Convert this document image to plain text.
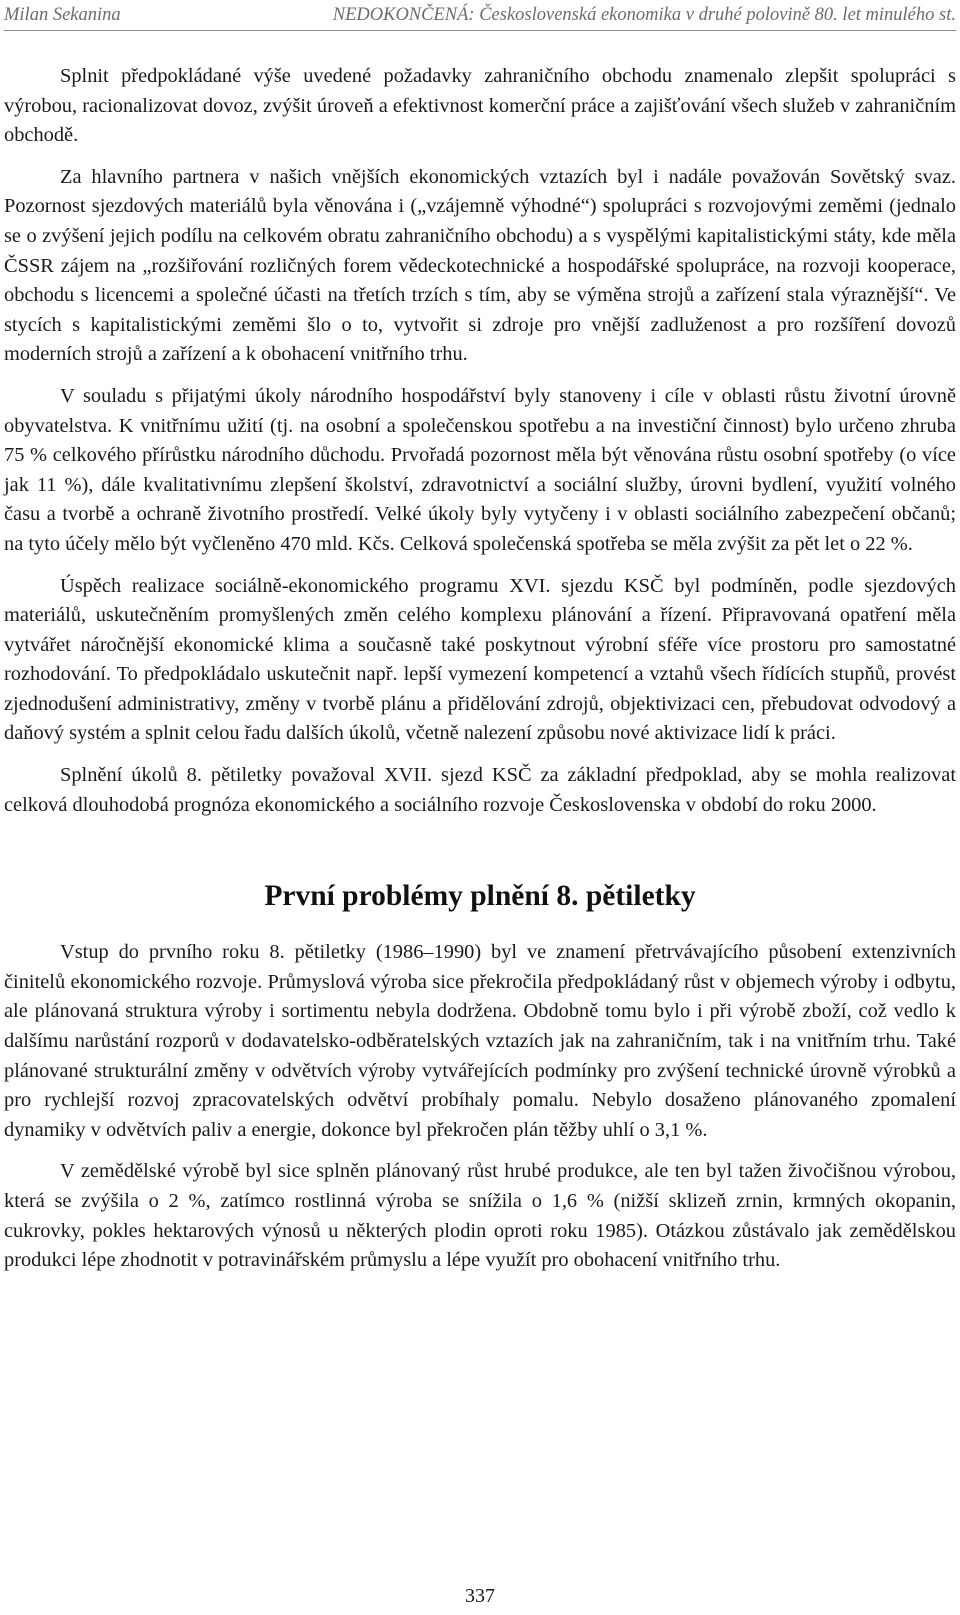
Milan Sekanina	NEDOKONČENÁ: Československá ekonomika v druhé polovině 80. let minulého st.

Splnit předpokládané výše uvedené požadavky zahraničního obchodu znamenalo zlepšit spolupráci s výrobou, racionalizovat dovoz, zvýšit úroveň a efektivnost komerční práce a zajišťování všech služeb v zahraničním obchodě.

Za hlavního partnera v našich vnějších ekonomických vztazích byl i nadále považován Sovětský svaz. Pozornost sjezdových materiálů byla věnována i („vzájemně výhodné“) spolupráci s rozvojovými zeměmi (jednalo se o zvýšení jejich podílu na celkovém obratu zahraničního obchodu) a s vyspělými kapitalistickými státy, kde měla ČSSR zájem na „rozšiřování rozličných forem vědeckotechnické a hospodářské spolupráce, na rozvoji kooperace, obchodu s licencemi a společné účasti na třetích trzích s tím, aby se výměna strojů a zařízení stala výraznější“. Ve stycích s kapitalistickými zeměmi šlo o to, vytvořit si zdroje pro vnější zadluženost a pro rozšíření dovozů moderních strojů a zařízení a k obohacení vnitřního trhu.

V souladu s přijatými úkoly národního hospodářství byly stanoveny i cíle v oblasti růstu životní úrovně obyvatelstva. K vnitřnímu užití (tj. na osobní a společenskou spotřebu a na investiční činnost) bylo určeno zhruba 75 % celkového přírůstku národního důchodu. Prvořadá pozornost měla být věnována růstu osobní spotřeby (o více jak 11 %), dále kvalitativnímu zlepšení školství, zdravotnictví a sociální služby, úrovni bydlení, využití volného času a tvorbě a ochraně životního prostředí. Velké úkoly byly vytyčeny i v oblasti sociálního zabezpečení občanů; na tyto účely mělo být vyčleněno 470 mld. Kčs. Celková společenská spotřeba se měla zvýšit za pět let o 22 %.

Úspěch realizace sociálně-ekonomického programu XVI. sjezdu KSČ byl podmíněn, podle sjezdových materiálů, uskutečněním promyšlených změn celého komplexu plánování a řízení. Připravovaná opatření měla vytvářet náročnější ekonomické klima a současně také poskytnout výrobní sféře více prostoru pro samostatné rozhodování. To předpokládalo uskutečnit např. lepší vymezení kompetencí a vztahů všech řídících stupňů, provést zjednodušení administrativy, změny v tvorbě plánu a přidělování zdrojů, objektivizaci cen, přebudovat odvodový a daňový systém a splnit celou řadu dalších úkolů, včetně nalezení způsobu nové aktivizace lidí k práci.

Splnění úkolů 8. pětiletky považoval XVII. sjezd KSČ za základní předpoklad, aby se mohla realizovat celková dlouhodobá prognóza ekonomického a sociálního rozvoje Československa v období do roku 2000.

První problémy plnění 8. pětiletky

Vstup do prvního roku 8. pětiletky (1986–1990) byl ve znamení přetrvávajícího působení extenzivních činitelů ekonomického rozvoje. Průmyslová výroba sice překročila předpokládaný růst v objemech výroby i odbytu, ale plánovaná struktura výroby i sortimentu nebyla dodržena. Obdobně tomu bylo i při výrobě zboží, což vedlo k dalšímu narůstání rozporů v dodavatelsko-odběratelských vztazích jak na zahraničním, tak i na vnitřním trhu. Také plánované strukturální změny v odvětvích výroby vytvářejících podmínky pro zvýšení technické úrovně výrobků a pro rychlejší rozvoj zpracovatelských odvětví probíhaly pomalu. Nebylo dosaženo plánovaného zpomalení dynamiky v odvětvích paliv a energie, dokonce byl překročen plán těžby uhlí o 3,1 %.

V zemědělské výrobě byl sice splněn plánovaný růst hrubé produkce, ale ten byl tažen živočišnou výrobou, která se zvýšila o 2 %, zatímco rostlinná výroba se snížila o 1,6 % (nižší sklizeň zrnin, krmných okopanin, cukrovky, pokles hektarových výnosů u některých plodin oproti roku 1985). Otázkou zůstávalo jak zemědělskou produkci lépe zhodnotit v potravinářském průmyslu a lépe využít pro obohacení vnitřního trhu.

337
